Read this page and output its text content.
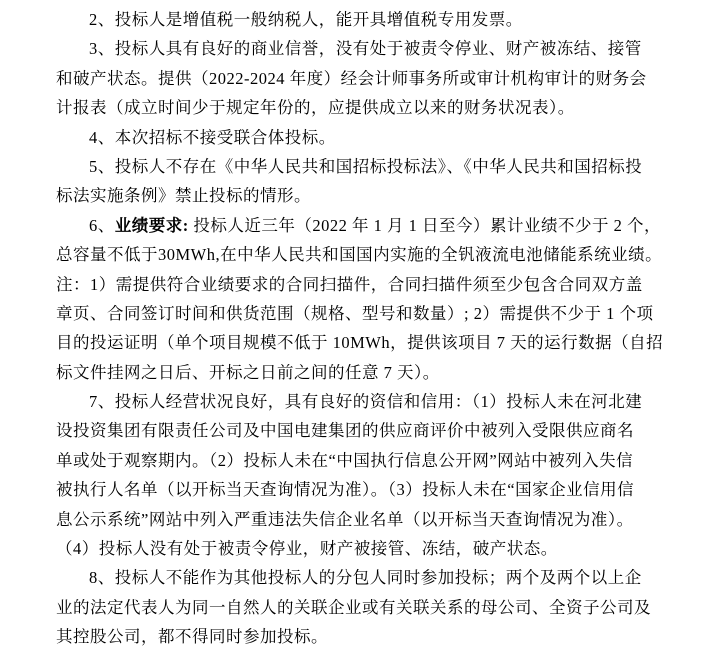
2、投标人是增值税一般纳税人，能开具增值税专用发票。
3、投标人具有良好的商业信誉，没有处于被责令停业、财产被冻结、接管
和破产状态。提供（2022-2024 年度）经会计师事务所或审计机构审计的财务会
计报表（成立时间少于规定年份的，应提供成立以来的财务状况表）。
4、本次招标不接受联合体投标。
5、投标人不存在《中华人民共和国招标投标法》、《中华人民共和国招标投
标法实施条例》禁止投标的情形。
6、业绩要求: 投标人近三年（2022 年 1 月 1 日至今）累计业绩不少于 2 个，
总容量不低于30MWh,在中华人民共和国国内实施的全钒液流电池储能系统业绩。
注：1）需提供符合业绩要求的合同扫描件，合同扫描件须至少包含合同双方盖
章页、合同签订时间和供货范围（规格、型号和数量）; 2）需提供不少于 1 个项
目的投运证明（单个项目规模不低于 10MWh，提供该项目 7 天的运行数据（自招
标文件挂网之日后、开标之日前之间的任意 7 天）。
7、投标人经营状况良好，具有良好的资信和信用：（1）投标人未在河北建
设投资集团有限责任公司及中国电建集团的供应商评价中被列入受限供应商名
单或处于观察期内。（2）投标人未在“中国执行信息公开网”网站中被列入失信
被执行人名单（以开标当天查询情况为准）。（3）投标人未在“国家企业信用信
息公示系统”网站中列入严重违法失信企业名单（以开标当天查询情况为准）。
（4）投标人没有处于被责令停业，财产被接管、冻结，破产状态。
8、投标人不能作为其他投标人的分包人同时参加投标；两个及两个以上企
业的法定代表人为同一自然人的关联企业或有关联关系的母公司、全资子公司及
其控股公司，都不得同时参加投标。
